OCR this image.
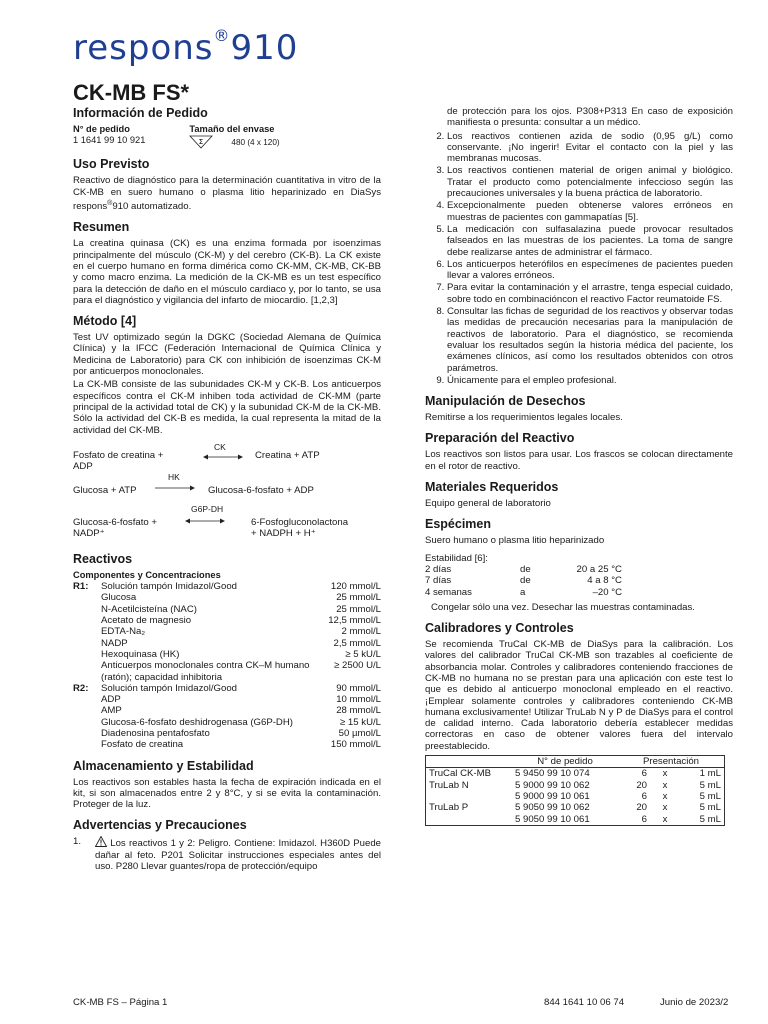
respons®910
CK-MB FS*
Información de Pedido
N° de pedido
1 1641 99 10 921
Tamaño del envase
Σ	480 (4 x 120)
Uso Previsto

Reactivo de diagnóstico para la determinación cuantitativa in vitro de la CK-MB en suero humano o plasma litio heparinizado en DiaSys respons®910 automatizado.

Resumen

La creatina quinasa (CK) es una enzima formada por isoenzimas principalmente del músculo (CK-M) y del cerebro (CK-B). La CK existe en el cuerpo humano en forma dimérica como CK-MM, CK-MB, CK-BB y como macro enzima. La medición de la CK-MB es un test específico para la detección de daño en el músculo cardiaco y, por lo tanto, se usa para el diagnóstico y vigilancia del infarto de miocardio. [1,2,3]

Método [4]

Test UV optimizado según la DGKC (Sociedad Alemana de Química Clínica) y la IFCC (Federación Internacional de Química Clínica y Medicina de Laboratorio) para CK con inhibición de isoenzimas CK-M por anticuerpos monoclonales.

La CK-MB consiste de las subunidades CK-M y CK-B. Los anticuerpos específicos contra el CK-M inhiben toda actividad de CK-MM (parte principal de la actividad total de CK) y la subunidad CK-M de la CK-MB. Sólo la actividad del CK-B es medida, la cual representa la mitad de la actividad del CK-MB.

Fosfato de creatina +
ADP
CK
Creatina + ATP
Glucosa + ATP
HK
Glucosa-6-fosfato + ADP
Glucosa-6-fosfato +
NADP⁺
G6P-DH
6-Fosfogluconolactona
+ NADPH + H⁺
Reactivos
Componentes y Concentraciones
R1:	Solución tampón Imidazol/Good	120 mmol/L
	Glucosa	25 mmol/L
	N-Acetilcisteína (NAC)	25 mmol/L
	Acetato de magnesio	12,5 mmol/L
	EDTA-Na₂	2 mmol/L
	NADP	2,5 mmol/L
	Hexoquinasa (HK)	≥ 5 kU/L
	Anticuerpos monoclonales contra CK–M humano (ratón); capacidad inhibitoria	≥ 2500 U/L
R2:	Solución tampón Imidazol/Good	90 mmol/L
	ADP	10 mmol/L
	AMP	28 mmol/L
	Glucosa-6-fosfato deshidrogenasa (G6P-DH)	≥ 15 kU/L
	Diadenosina pentafosfato	50 µmol/L
	Fosfato de creatina	150 mmol/L
Almacenamiento y Estabilidad

Los reactivos son estables hasta la fecha de expiración indicada en el kit, si son almacenados entre 2 y 8°C, y si se evita la contaminación. Proteger de la luz.

Advertencias y Precauciones
1.	Los reactivos 1 y 2: Peligro. Contiene: Imidazol. H360D Puede dañar al feto. P201 Solicitar instrucciones especiales antes del uso. P280 Llevar guantes/ropa de protección/equipo

de protección para los ojos. P308+P313 En caso de exposición manifiesta o presunta: consultar a un médico.

2. Los reactivos contienen azida de sodio (0,95 g/L) como conservante. ¡No ingerir! Evitar el contacto con la piel y las membranas mucosas.
3. Los reactivos contienen material de origen animal y biológico. Tratar el producto como potencialmente infeccioso según las precauciones universales y la buena práctica de laboratorio.
4. Excepcionalmente pueden obtenerse valores erróneos en muestras de pacientes con gammapatías [5].
5. La medicación con sulfasalazina puede provocar resultados falseados en las muestras de los pacientes. La toma de sangre debe realizarse antes de administrar el fármaco.
6. Los anticuerpos heterófilos en especímenes de pacientes pueden llevar a valores erróneos.
7. Para evitar la contaminación y el arrastre, tenga especial cuidado, sobre todo en combinacióncon el reactivo Factor reumatoide FS.
8. Consultar las fichas de seguridad de los reactivos y observar todas las medidas de precaución necesarias para la manipulación de reactivos de laboratorio. Para el diagnóstico, se recomienda evaluar los resultados según la historia médica del paciente, los exámenes clínicos, así como los resultados obtenidos con otros parámetros.
9. Únicamente para el empleo profesional.
Manipulación de Desechos

Remitirse a los requerimientos legales locales.

Preparación del Reactivo

Los reactivos son listos para usar. Los frascos se colocan directamente en el rotor de reactivo.

Materiales Requeridos

Equipo general de laboratorio

Espécimen

Suero humano o plasma litio heparinizado

Estabilidad [6]:
2 días	de	20 a 25 °C
7 días	de	4 a 8 °C
4 semanas	a	–20 °C

Congelar sólo una vez. Desechar las muestras contaminadas.

Calibradores y Controles

Se recomienda TruCal CK-MB de DiaSys para la calibración. Los valores del calibrador TruCal CK-MB son trazables al coeficiente de absorbancia molar. Controles y calibradores conteniendo fracciones de CK-MB no humana no se prestan para una aplicación con este test lo que es debido al anticuerpo monoclonal empleado en el reactivo. ¡Emplear solamente controles y calibradores conteniendo CK-MB humana exclusivamente! Utilizar TruLab N y P de DiaSys para el control de calidad interno. Cada laboratorio debería establecer medidas correctoras en caso de obtener valores fuera del intervalo preestablecido.

	N° de pedido	Presentación		
TruCal CK-MB	5 9450 99 10 074	6	x	1 mL
TruLab N	5 9000 99 10 062	20	x	5 mL
	5 9000 99 10 061	6	x	5 mL
TruLab P	5 9050 99 10 062	20	x	5 mL
	5 9050 99 10 061	6	x	5 mL
CK-MB FS – Página 1	844 1641 10 06 74	Junio de 2023/2
